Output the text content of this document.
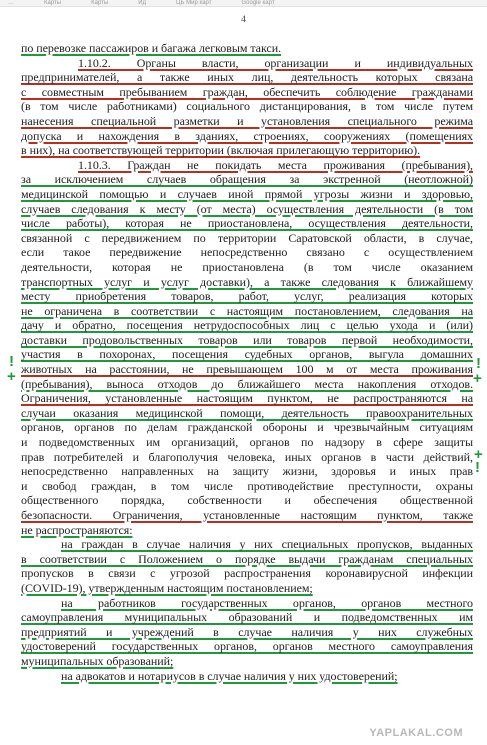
…	Карты	Карты	Ид	ЦБ Мир карт	Google карт
4
по перевозке пассажиров и багажа легковым такси.
1.10.2. Органы власти, организации и индивидуальных
предпринимателей, а также иных лиц, деятельность которых связана
с совместным пребыванием граждан, обеспечить соблюдение гражданами
(в том числе работниками) социального дистанцирования, в том числе путем
нанесения специальной разметки и установления специального режима
допуска и нахождения в зданиях, строениях, сооружениях (помещениях
в них), на соответствующей территории (включая прилегающую территорию).
1.10.3. Граждан не покидать места проживания (пребывания),
за исключением случаев обращения за экстренной (неотложной)
медицинской помощью и случаев иной прямой угрозы жизни и здоровью,
случаев следования к месту (от места) осуществления деятельности (в том
числе работы), которая не приостановлена, осуществления деятельности,
связанной с передвижением по территории Саратовской области, в случае,
если такое передвижение непосредственно связано с осуществлением
деятельности, которая не приостановлена (в том числе оказанием
транспортных услуг и услуг доставки), а также следования к ближайшему
месту приобретения товаров, работ, услуг, реализация которых
не ограничена в соответствии с настоящим постановлением, следования на
дачу и обратно, посещения нетрудоспособных лиц с целью ухода и (или)
доставки продовольственных товаров или товаров первой необходимости,
участия в похоронах, посещения судебных органов, выгула домашних
животных на расстоянии, не превышающем 100 м от места проживания
(пребывания), выноса отходов до ближайшего места накопления отходов.
Ограничения, установленные настоящим пунктом, не распространяются на
случаи оказания медицинской помощи, деятельность правоохранительных
органов, органов по делам гражданской обороны и чрезвычайным ситуациям
и подведомственных им организаций, органов по надзору в сфере защиты
прав потребителей и благополучия человека, иных органов в части действий,
непосредственно направленных на защиту жизни, здоровья и иных прав
и свобод граждан, в том числе противодействие преступности, охраны
общественного порядка, собственности и обеспечения общественной
безопасности. Ограничения, установленные настоящим пунктом, также
не распространяются:
на граждан в случае наличия у них специальных пропусков, выданных
в соответствии с Положением о порядке выдачи гражданам специальных
пропусков в связи с угрозой распространения коронавирусной инфекции
(COVID-19), утвержденным настоящим постановлением;
на работников государственных органов, органов местного
самоуправления муниципальных образований и подведомственных им
предприятий и учреждений в случае наличия у них служебных
удостоверений государственных органов, органов местного самоуправления
муниципальных образований;
на адвокатов и нотариусов в случае наличия у них удостоверений;
!
+
!
+
+
!
YAPLAKAL.COM
